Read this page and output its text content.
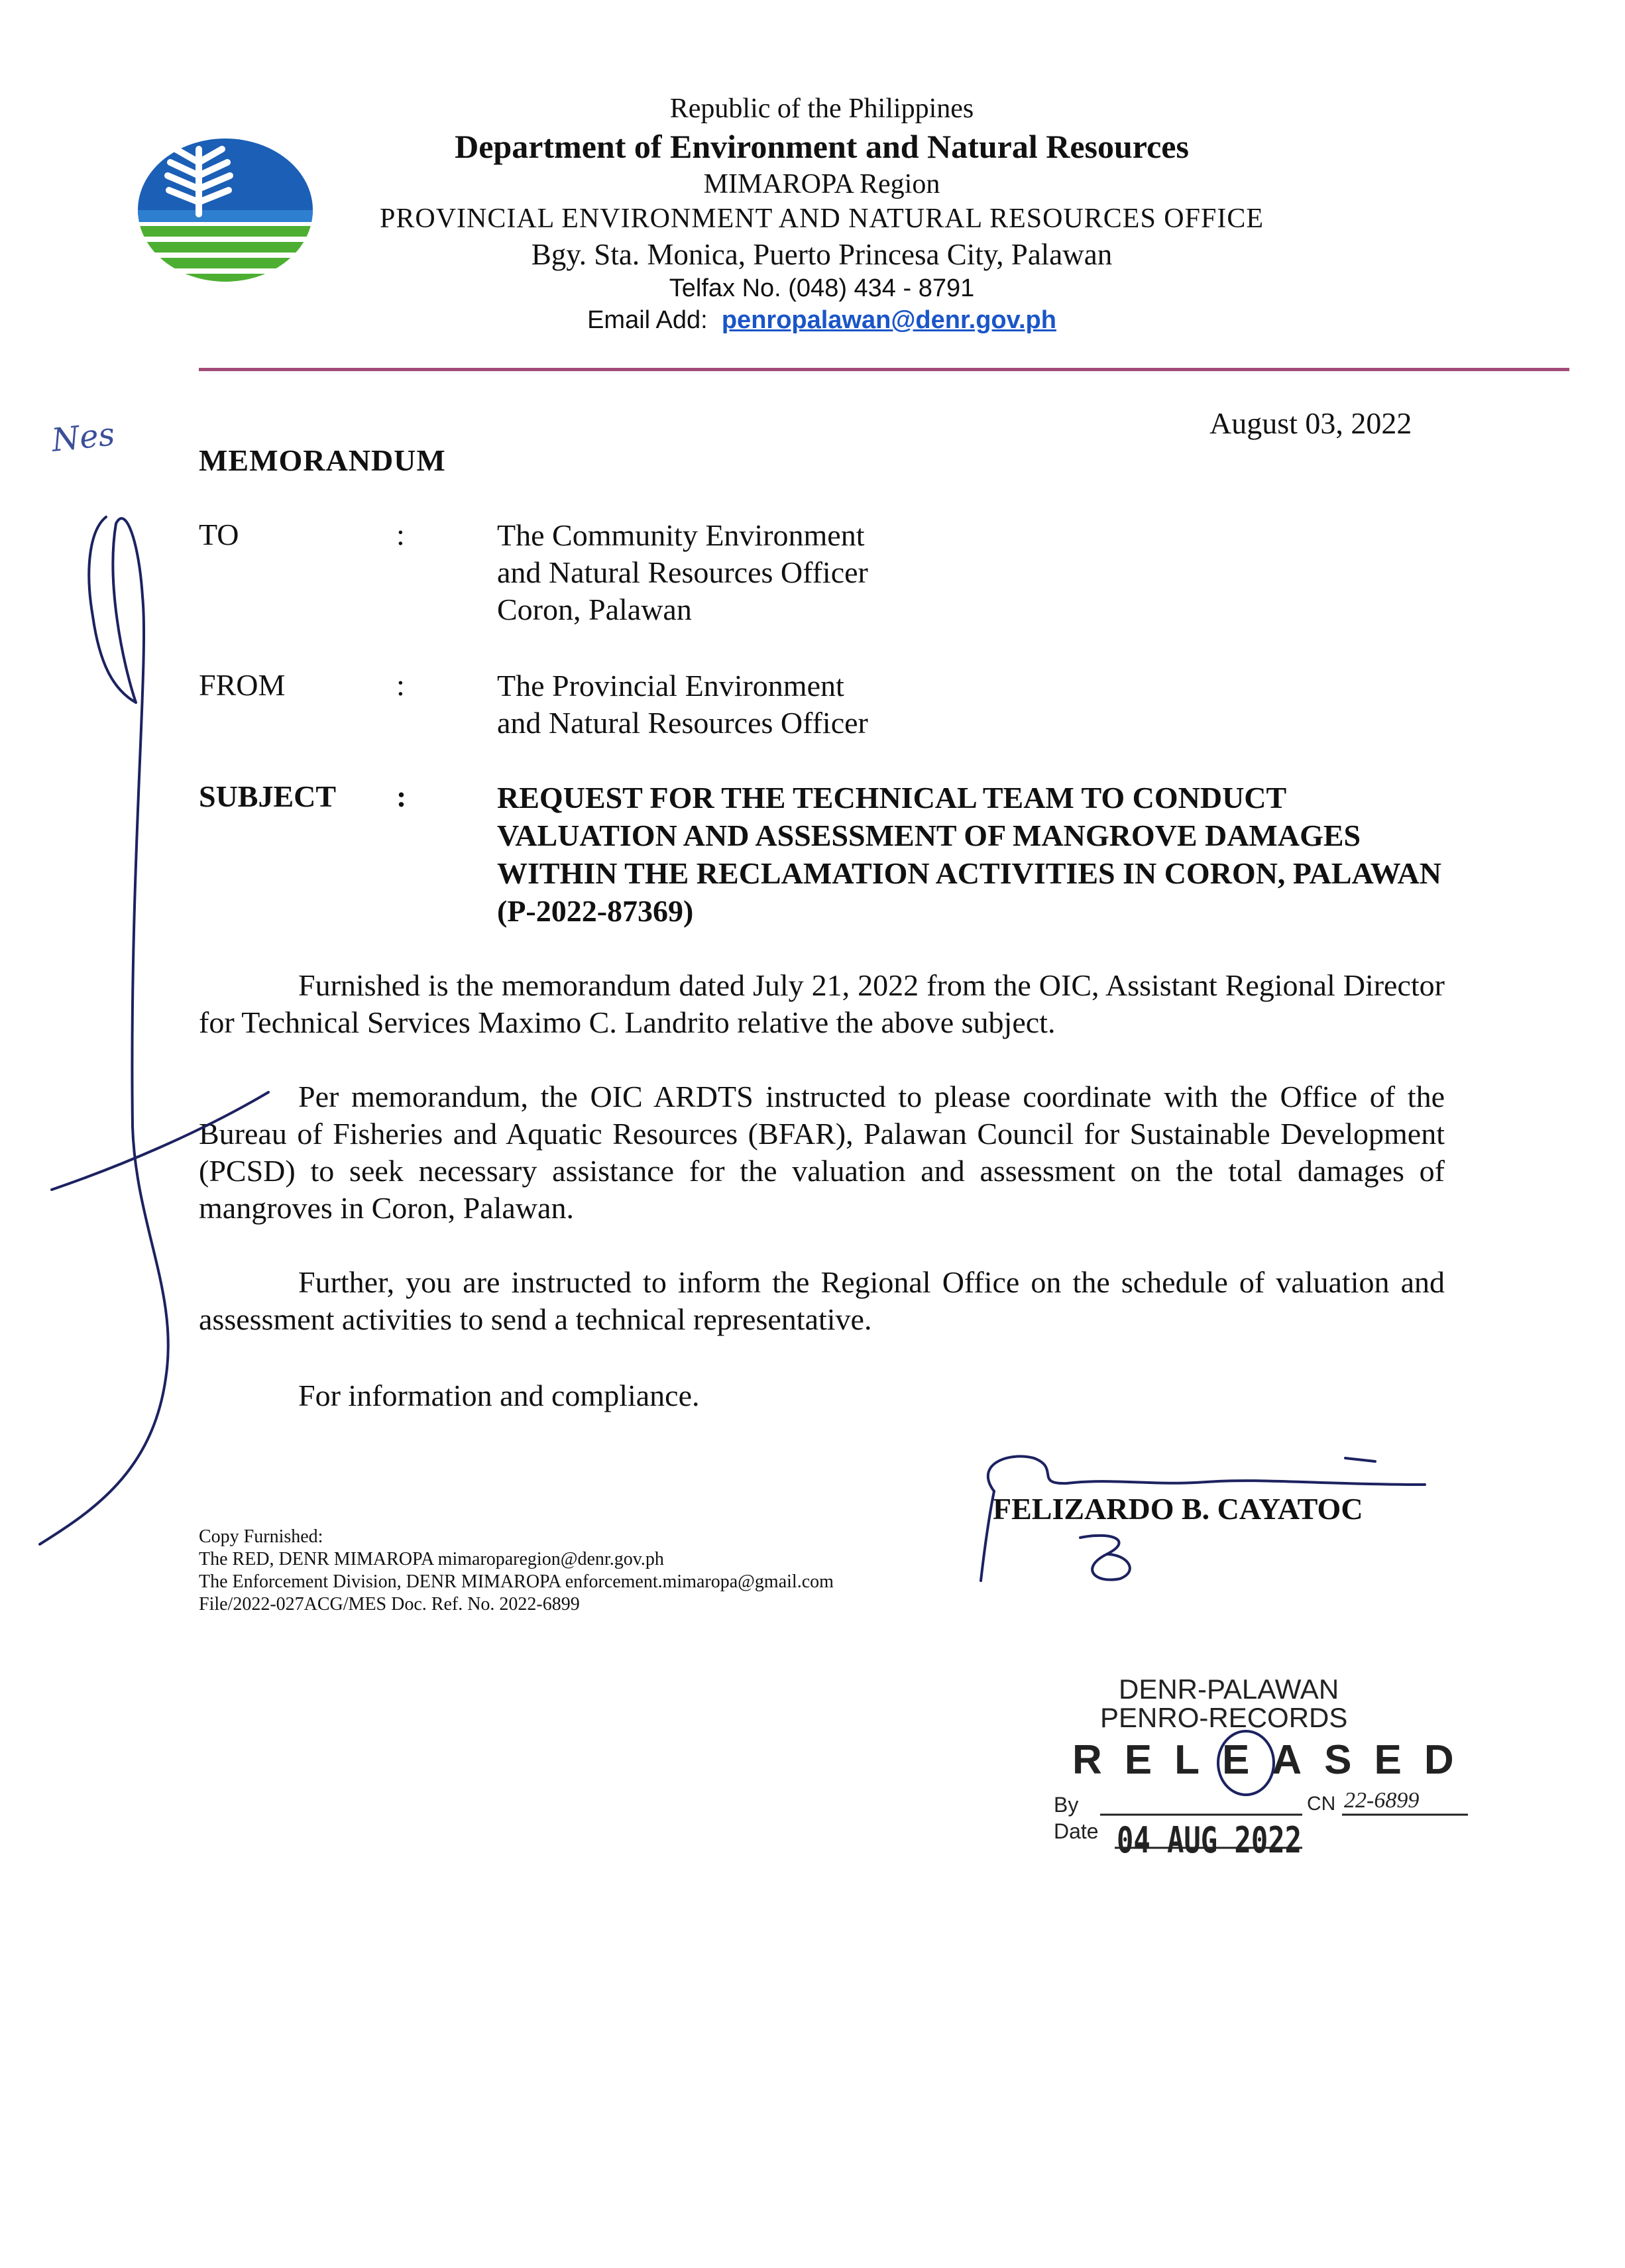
Republic of the Philippines
Department of Environment and Natural Resources
MIMAROPA Region
PROVINCIAL ENVIRONMENT AND NATURAL RESOURCES OFFICE
Bgy. Sta. Monica, Puerto Princesa City, Palawan
Telfax No. (048) 434 - 8791
Email Add: penropalawan@denr.gov.ph
Nes	August 03, 2022
MEMORANDUM
TO	:	The Community Environment
and Natural Resources Officer
Coron, Palawan
FROM	:	The Provincial Environment
and Natural Resources Officer
SUBJECT :	REQUEST FOR THE TECHNICAL TEAM TO CONDUCT VALUATION AND ASSESSMENT OF MANGROVE DAMAGES WITHIN THE RECLAMATION ACTIVITIES IN CORON, PALAWAN (P-2022-87369)
Furnished is the memorandum dated July 21, 2022 from the OIC, Assistant Regional Director for Technical Services Maximo C. Landrito relative the above subject.
Per memorandum, the OIC ARDTS instructed to please coordinate with the Office of the Bureau of Fisheries and Aquatic Resources (BFAR), Palawan Council for Sustainable Development (PCSD) to seek necessary assistance for the valuation and assessment on the total damages of mangroves in Coron, Palawan.
Further, you are instructed to inform the Regional Office on the schedule of valuation and assessment activities to send a technical representative.
For information and compliance.
FELIZARDO B. CAYATOC
Copy Furnished:
The RED, DENR MIMAROPA mimaroparegion@denr.gov.ph
The Enforcement Division, DENR MIMAROPA enforcement.mimaropa@gmail.com
File/2022-027ACG/MES Doc. Ref. No. 2022-6899
DENR-PALAWAN
PENRO-RECORDS
RELEASED
By
Date
CN
04 AUG 2022
22-6899
